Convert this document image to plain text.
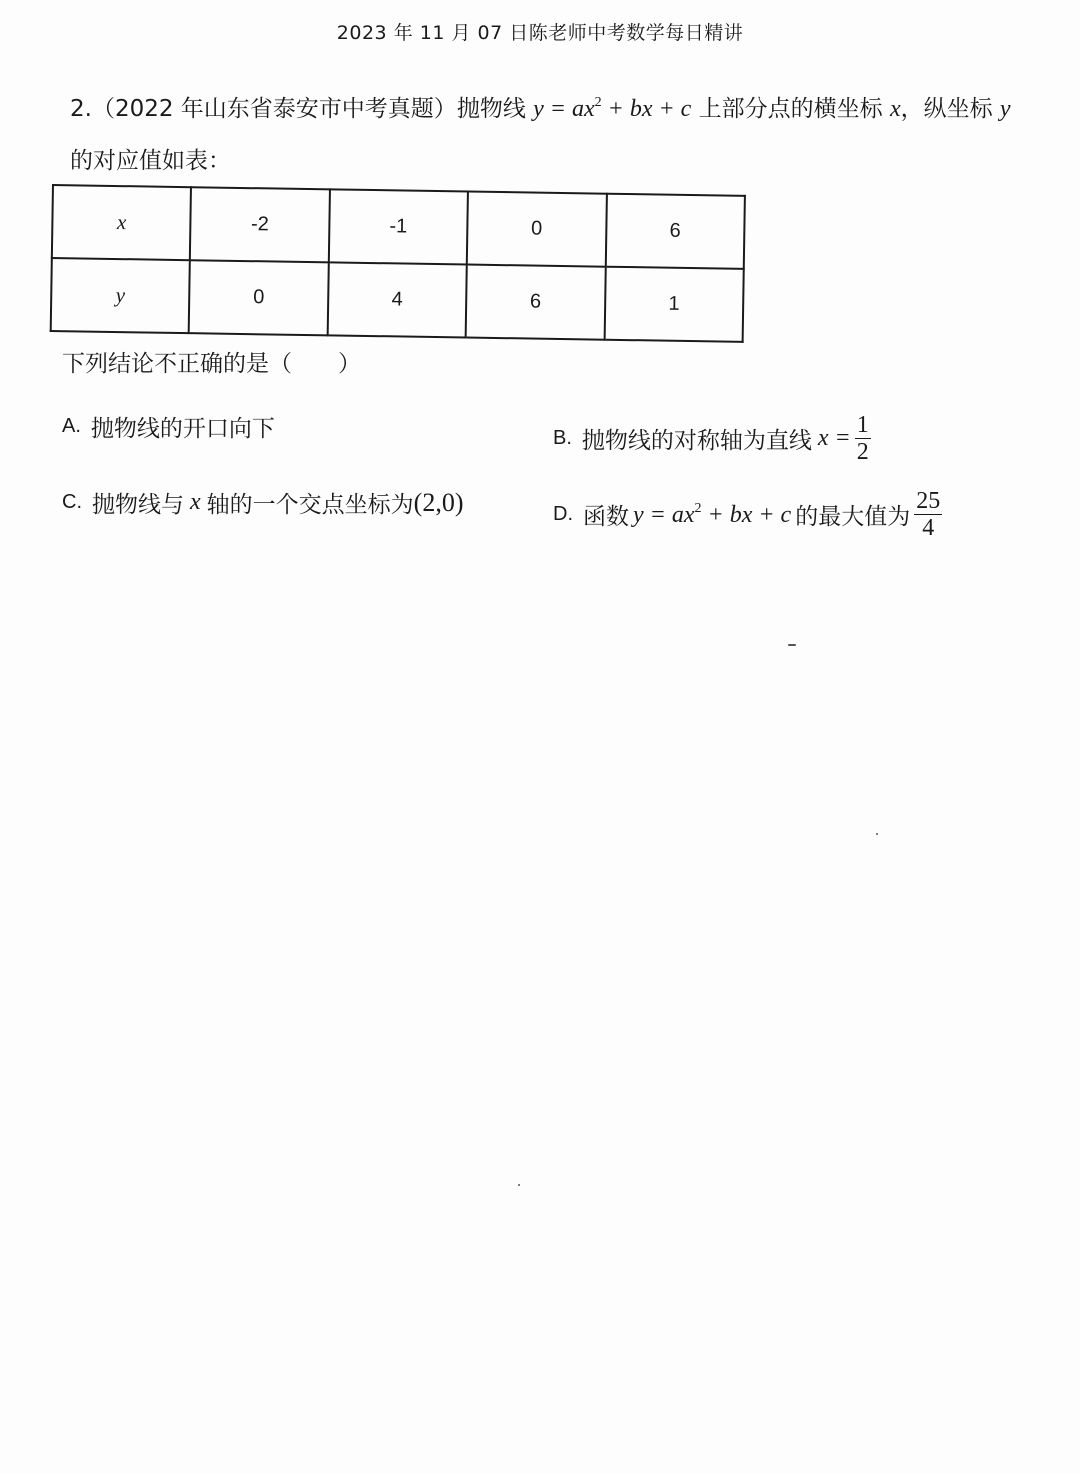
2023 年 11 月 07 日陈老师中考数学每日精讲
2.（2022 年山东省泰安市中考真题）抛物线 $y = ax^2$ + bx + c 上部分点的横坐标 x，纵坐标 y
的对应值如表：
x	-2	-1	0	6
y	0	4	6	1
下列结论不正确的是（　　）
A. 抛物线的开口向下	B. 抛物线的对称轴为直线 $x = \frac{1}{2}$
C. 抛物线与 x 轴的一个交点坐标为 (2,0)	D. 函数 $y = ax^2$ + bx + c 的最大值为 $\frac{25}{4}$
